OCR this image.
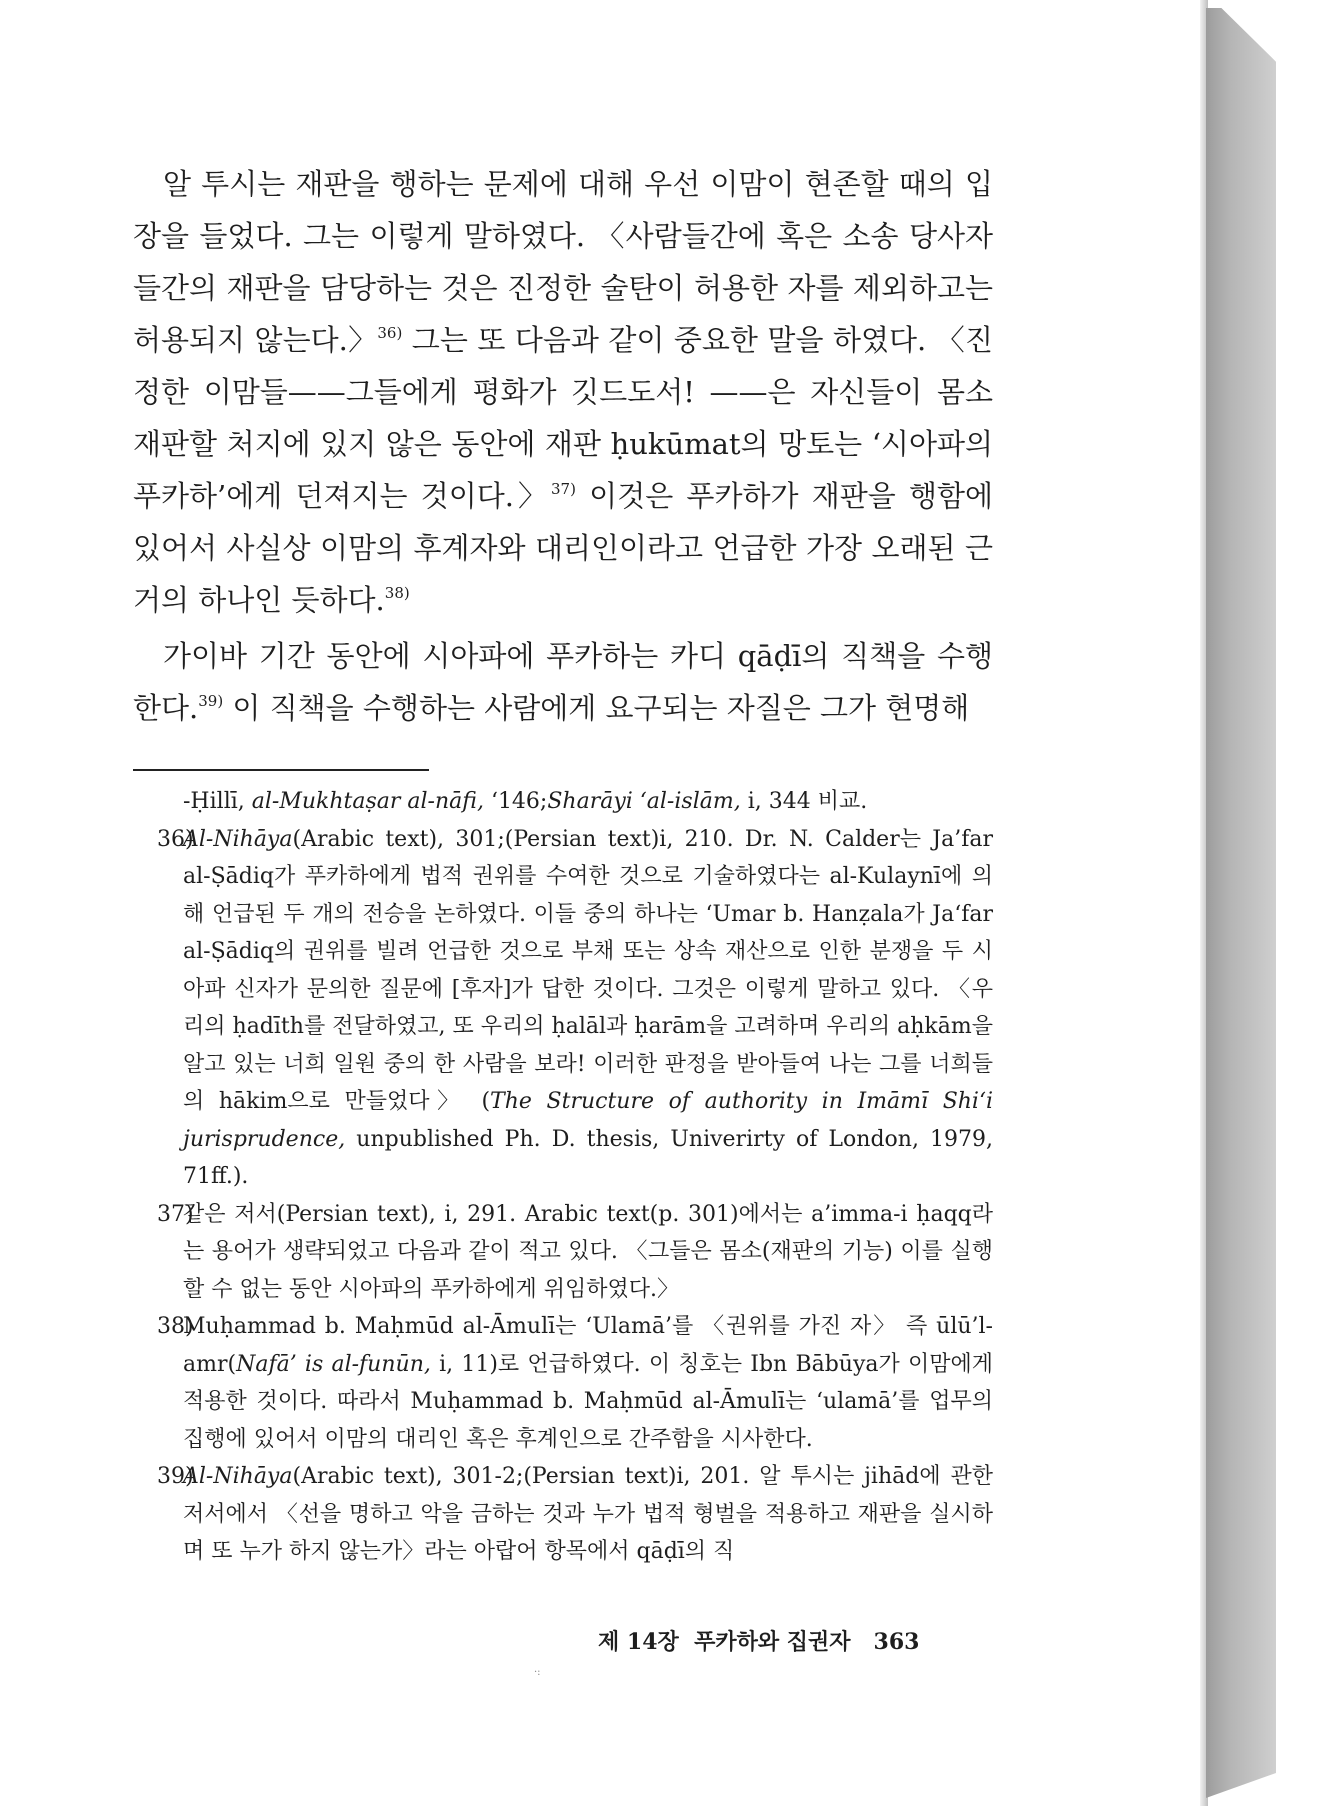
알 투시는 재판을 행하는 문제에 대해 우선 이맘이 현존할 때의 입장을 들었다. 그는 이렇게 말하였다. 〈사람들간에 혹은 소송 당사자들간의 재판을 담당하는 것은 진정한 술탄이 허용한 자를 제외하고는 허용되지 않는다.〉$^{36)}$ 그는 또 다음과 같이 중요한 말을 하였다. 〈진정한 이맘들——그들에게 평화가 깃드도서! ——은 자신들이 몸소 재판할 처지에 있지 않은 동안에 재판 ḥukūmat의 망토는 ‘시아파의 푸카하’에게 던져지는 것이다.〉$^{37)}$ 이것은 푸카하가 재판을 행함에 있어서 사실상 이맘의 후계자와 대리인이라고 언급한 가장 오래된 근거의 하나인 듯하다.$^{38)}$

가이바 기간 동안에 시아파에 푸카하는 카디 qāḍī의 직책을 수행한다.$^{39)}$ 이 직책을 수행하는 사람에게 요구되는 자질은 그가 현명해

-Ḥillī, al-Mukhtaṣar al-nāfi, ‘146;Sharāyi ‘al-islām, i, 344 비교.

36)
Al-Nihāya(Arabic text), 301;(Persian text)i, 210. Dr. N. Calder는 Ja’far al-Ṣādiq가 푸카하에게 법적 권위를 수여한 것으로 기술하였다는 al-Kulaynī에 의해 언급된 두 개의 전승을 논하였다. 이들 중의 하나는 ‘Umar b. Hanẓala가 Ja‘far al-Ṣādiq의 권위를 빌려 언급한 것으로 부채 또는 상속 재산으로 인한 분쟁을 두 시아파 신자가 문의한 질문에 [후자]가 답한 것이다. 그것은 이렇게 말하고 있다. 〈우리의 ḥadīth를 전달하였고, 또 우리의 ḥalāl과 ḥarām을 고려하며 우리의 aḥkām을 알고 있는 너희 일원 중의 한 사람을 보라! 이러한 판정을 받아들여 나는 그를 너희들의 hākim으로 만들었다〉 (The Structure of authority in Imāmī Shi‘i jurisprudence, unpublished Ph. D. thesis, Univerirty of London, 1979, 71ff.).

37)
같은 저서(Persian text), i, 291. Arabic text(p. 301)에서는 a’imma-i ḥaqq라는 용어가 생략되었고 다음과 같이 적고 있다. 〈그들은 몸소(재판의 기능) 이를 실행할 수 없는 동안 시아파의 푸카하에게 위임하였다.〉

38)
Muḥammad b. Maḥmūd al-Āmulī는 ‘Ulamā’를 〈권위를 가진 자〉 즉 ūlū’l-amr(Nafā’ is al-funūn, i, 11)로 언급하였다. 이 칭호는 Ibn Bābūya가 이맘에게 적용한 것이다. 따라서 Muḥammad b. Maḥmūd al-Āmulī는 ‘ulamā’를 업무의 집행에 있어서 이맘의 대리인 혹은 후계인으로 간주함을 시사한다.

39)
Al-Nihāya(Arabic text), 301-2;(Persian text)i, 201. 알 투시는 jihād에 관한 저서에서 〈선을 명하고 악을 금하는 것과 누가 법적 형벌을 적용하고 재판을 실시하며 또 누가 하지 않는가〉라는 아랍어 항목에서 qāḍī의 직

제 14장  푸카하와 집권자 363
·:
